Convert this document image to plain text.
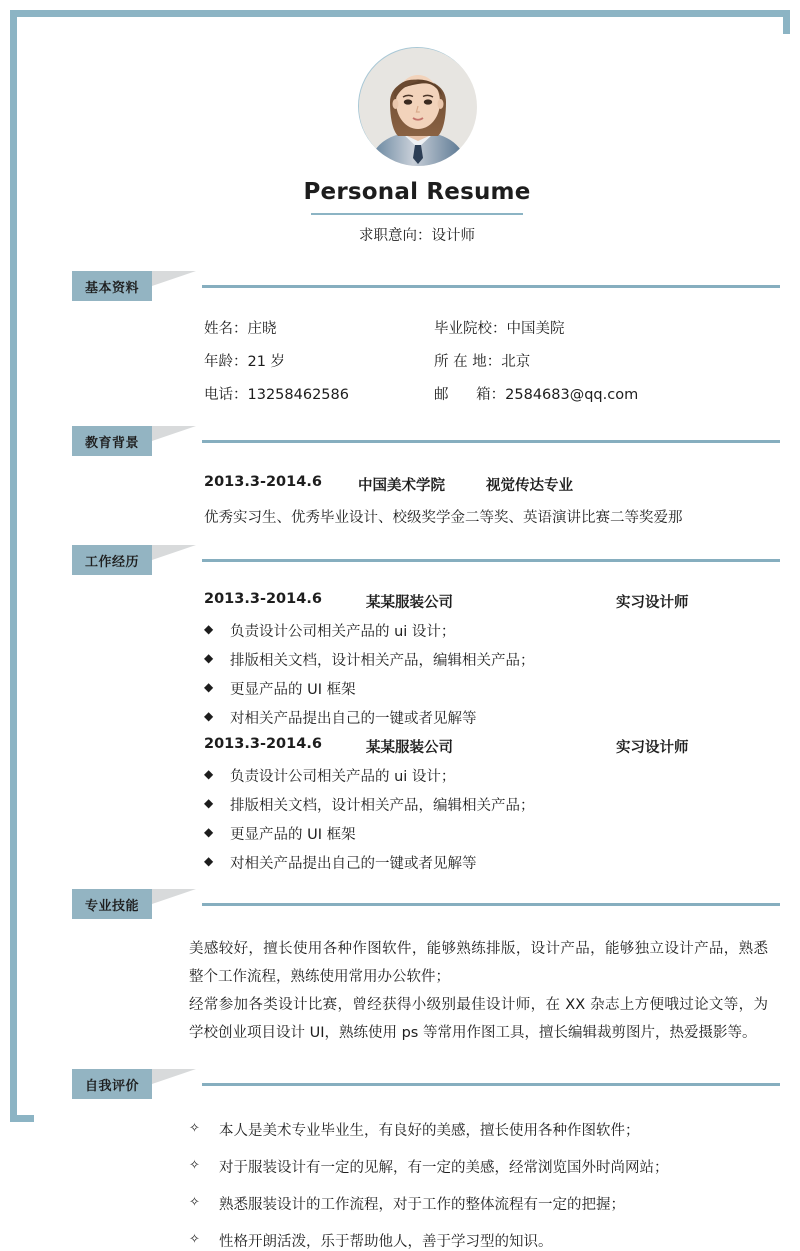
Personal Resume
求职意向：设计师
基本资料
姓名：庄晓	毕业院校：中国美院
年龄：21 岁	所 在 地：北京
电话：13258462586	邮      箱：2584683@qq.com
教育背景
2013.3-2014.6	中国美术学院	视觉传达专业
优秀实习生、优秀毕业设计、校级奖学金二等奖、英语演讲比赛二等奖爱那
工作经历
2013.3-2014.6	某某服装公司	实习设计师
◆	负责设计公司相关产品的 ui 设计；
◆	排版相关文档，设计相关产品，编辑相关产品；
◆	更显产品的 UI 框架
◆	对相关产品提出自己的一键或者见解等
2013.3-2014.6	某某服装公司	实习设计师
◆	负责设计公司相关产品的 ui 设计；
◆	排版相关文档，设计相关产品，编辑相关产品；
◆	更显产品的 UI 框架
◆	对相关产品提出自己的一键或者见解等
专业技能

美感较好，擅长使用各种作图软件，能够熟练排版，设计产品，能够独立设计产品，熟悉整个工作流程，熟练使用常用办公软件；

经常参加各类设计比赛，曾经获得小级别最佳设计师，在 XX 杂志上方便哦过论文等，为学校创业项目设计 UI，熟练使用 ps 等常用作图工具，擅长编辑裁剪图片，热爱摄影等。

自我评价
✧	本人是美术专业毕业生，有良好的美感，擅长使用各种作图软件；
✧	对于服装设计有一定的见解，有一定的美感，经常浏览国外时尚网站；
✧	熟悉服装设计的工作流程，对于工作的整体流程有一定的把握；
✧	性格开朗活泼，乐于帮助他人，善于学习型的知识。
